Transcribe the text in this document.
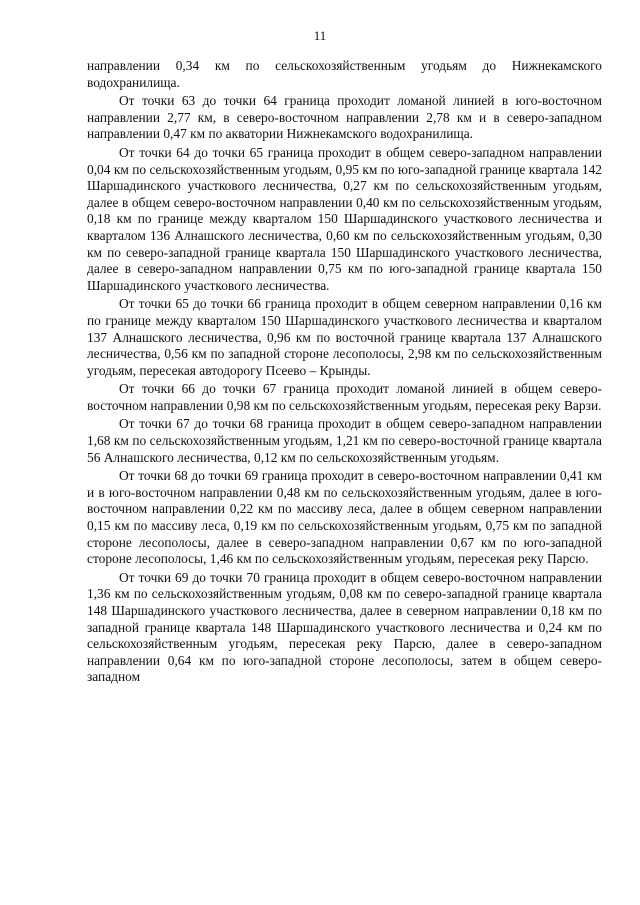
11

направлении 0,34 км по сельскохозяйственным угодьям до Нижнекамского водохранилища.

От точки 63 до точки 64 граница проходит ломаной линией в юго-восточном направлении 2,77 км, в северо-восточном направлении 2,78 км и в северо-западном направлении 0,47 км по акватории Нижнекамского водохранилища.

От точки 64 до точки 65 граница проходит в общем северо-западном направлении 0,04 км по сельскохозяйственным угодьям, 0,95 км по юго-западной границе квартала 142 Шаршадинского участкового лесничества, 0,27 км по сельскохозяйственным угодьям, далее в общем северо-восточном направлении 0,40 км по сельскохозяйственным угодьям, 0,18 км по границе между кварталом 150 Шаршадинского участкового лесничества и кварталом 136 Алнашского лесничества, 0,60 км по сельскохозяйственным угодьям, 0,30 км по северо-западной границе квартала 150 Шаршадинского участкового лесничества, далее в северо-западном направлении 0,75 км по юго-западной границе квартала 150 Шаршадинского участкового лесничества.

От точки 65 до точки 66 граница проходит в общем северном направлении 0,16 км по границе между кварталом 150 Шаршадинского участкового лесничества и кварталом 137 Алнашского лесничества, 0,96 км по восточной границе квартала 137 Алнашского лесничества, 0,56 км по западной стороне лесополосы, 2,98 км по сельскохозяйственным угодьям, пересекая автодорогу Псеево – Крынды.

От точки 66 до точки 67 граница проходит ломаной линией в общем северо-восточном направлении 0,98 км по сельскохозяйственным угодьям, пересекая реку Варзи.

От точки 67 до точки 68 граница проходит в общем северо-западном направлении 1,68 км по сельскохозяйственным угодьям, 1,21 км по северо-восточной границе квартала 56 Алнашского лесничества, 0,12 км по сельскохозяйственным угодьям.

От точки 68 до точки 69 граница проходит в северо-восточном направлении 0,41 км и в юго-восточном направлении 0,48 км по сельскохозяйственным угодьям, далее в юго-восточном направлении 0,22 км по массиву леса, далее в общем северном направлении 0,15 км по массиву леса, 0,19 км по сельскохозяйственным угодьям, 0,75 км по западной стороне лесополосы, далее в северо-западном направлении 0,67 км по юго-западной стороне лесополосы, 1,46 км по сельскохозяйственным угодьям, пересекая реку Парсю.

От точки 69 до точки 70 граница проходит в общем северо-восточном направлении 1,36 км по сельскохозяйственным угодьям, 0,08 км по северо-западной границе квартала 148 Шаршадинского участкового лесничества, далее в северном направлении 0,18 км по западной границе квартала 148 Шаршадинского участкового лесничества и 0,24 км по сельскохозяйственным угодьям, пересекая реку Парсю, далее в северо-западном направлении 0,64 км по юго-западной стороне лесополосы, затем в общем северо-западном
